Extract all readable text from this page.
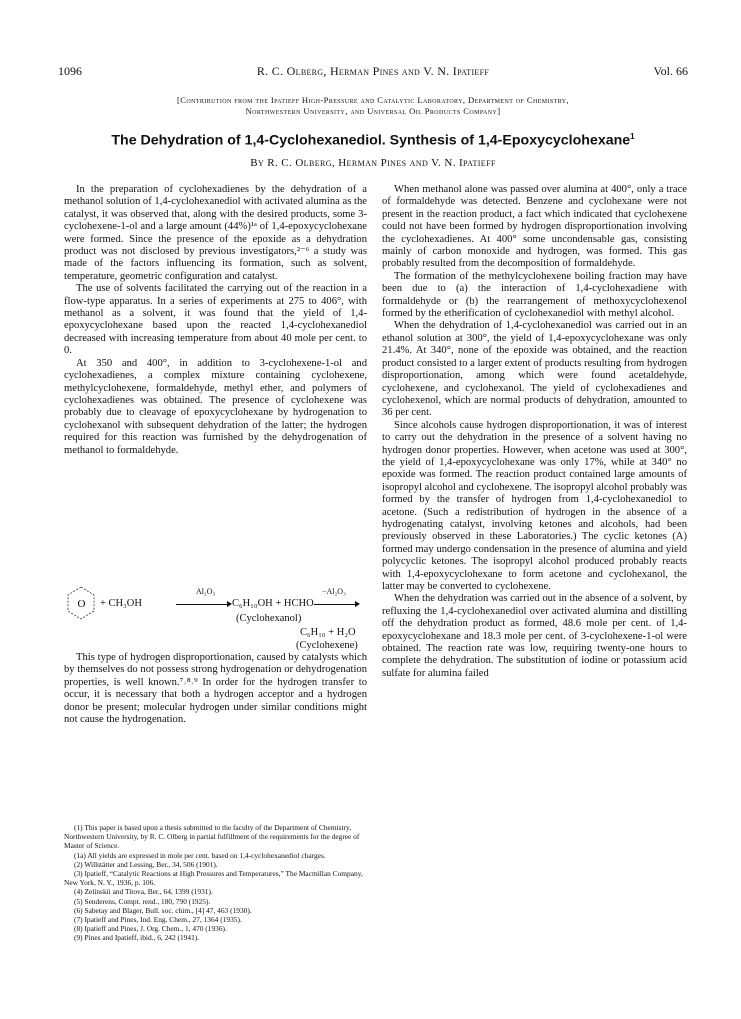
1096	R. C. Olberg, Herman Pines and V. N. Ipatieff	Vol. 66
[Contribution from the Ipatieff High-Pressure and Catalytic Laboratory, Department of Chemistry,
Northwestern University, and Universal Oil Products Company]
The Dehydration of 1,4-Cyclohexanediol. Synthesis of 1,4-Epoxycyclohexane$^1$
By R. C. Olberg, Herman Pines and V. N. Ipatieff

In the preparation of cyclohexadienes by the dehydration of a methanol solution of 1,4-cyclohexanediol with activated alumina as the catalyst, it was observed that, along with the desired products, some 3-cyclohexene-1-ol and a large amount (44%)¹ᵃ of 1,4-epoxycyclohexane were formed. Since the presence of the epoxide as a dehydration product was not disclosed by previous investigators,²⁻⁶ a study was made of the factors influencing its formation, such as solvent, temperature, geometric configuration and catalyst.

The use of solvents facilitated the carrying out of the reaction in a flow-type apparatus. In a series of experiments at 275 to 406°, with methanol as a solvent, it was found that the yield of 1,4-epoxycyclohexane based upon the reacted 1,4-cyclohexanediol decreased with increasing temperature from about 40 mole per cent. to 0.

At 350 and 400°, in addition to 3-cyclohexene-1-ol and cyclohexadienes, a complex mixture containing cyclohexene, methylcyclohexene, formaldehyde, methyl ether, and polymers of cyclohexadienes was obtained. The presence of cyclohexene was probably due to cleavage of epoxycyclohexane by hydrogenation to cyclohexanol with subsequent dehydration of the latter; the hydrogen required for this reaction was furnished by the dehydrogenation of methanol to formaldehyde.

O + CH₃OH
Al₂O₃
C₆H₁₀OH + HCHO
−Al₂O₃
(Cyclohexanol)
C₆H₁₀ + H₂O
(Cyclohexene)

This type of hydrogen disproportionation, caused by catalysts which by themselves do not possess strong hydrogenation or dehydrogenation properties, is well known.⁷˒⁸˒⁹ In order for the hydrogen transfer to occur, it is necessary that both a hydrogen acceptor and a hydrogen donor be present; molecular hydrogen under similar conditions might not cause the hydrogenation.

(1) This paper is based upon a thesis submitted to the faculty of the Department of Chemistry, Northwestern University, by R. C. Olberg in partial fulfillment of the requirements for the degree of Master of Science.
(1a) All yields are expressed in mole per cent. based on 1,4-cyclohexanediol charges.
(2) Willstätter and Lessing, Ber., 34, 506 (1901).
(3) Ipatieff, “Catalytic Reactions at High Pressures and Temperatures,” The Macmillan Company, New York, N. Y., 1936, p. 106.
(4) Zelinskii and Titova, Ber., 64, 1399 (1931).
(5) Senderens, Compt. rend., 180, 790 (1925).
(6) Sabetay and Blager, Bull. soc. chim., [4] 47, 463 (1930).
(7) Ipatieff and Pines, Ind. Eng. Chem., 27, 1364 (1935).
(8) Ipatieff and Pines, J. Org. Chem., 1, 470 (1936).
(9) Pines and Ipatieff, ibid., 6, 242 (1941).

When methanol alone was passed over alumina at 400°, only a trace of formaldehyde was detected. Benzene and cyclohexane were not present in the reaction product, a fact which indicated that cyclohexene could not have been formed by hydrogen disproportionation involving the cyclohexadienes. At 400° some uncondensable gas, consisting mainly of carbon monoxide and hydrogen, was formed. This gas probably resulted from the decomposition of formaldehyde.

The formation of the methylcyclohexene boiling fraction may have been due to (a) the interaction of 1,4-cyclohexadiene with formaldehyde or (b) the rearrangement of methoxycyclohexenol formed by the etherification of cyclohexanediol with methyl alcohol.

When the dehydration of 1,4-cyclohexanediol was carried out in an ethanol solution at 300°, the yield of 1,4-epoxycyclohexane was only 21.4%. At 340°, none of the epoxide was obtained, and the reaction product consisted to a larger extent of products resulting from hydrogen disproportionation, among which were found acetaldehyde, cyclohexene, and cyclohexanol. The yield of cyclohexadienes and cyclohexenol, which are normal products of dehydration, amounted to 36 per cent.

Since alcohols cause hydrogen disproportionation, it was of interest to carry out the dehydration in the presence of a solvent having no hydrogen donor properties. However, when acetone was used at 300°, the yield of 1,4-epoxycyclohexane was only 17%, while at 340° no epoxide was formed. The reaction product contained large amounts of isopropyl alcohol and cyclohexene. The isopropyl alcohol probably was formed by the transfer of hydrogen from 1,4-cyclohexanediol to acetone. (Such a redistribution of hydrogen in the absence of a hydrogenating catalyst, involving ketones and alcohols, had been previously observed in these Laboratories.) The cyclic ketones (A) formed may undergo condensation in the presence of alumina and yield polycyclic ketones. The isopropyl alcohol produced probably reacts with 1,4-epoxycyclohexane to form acetone and cyclohexanol, the latter may be converted to cyclohexene.

When the dehydration was carried out in the absence of a solvent, by refluxing the 1,4-cyclohexanediol over activated alumina and distilling off the dehydration product as formed, 48.6 mole per cent. of 1,4-epoxycyclohexane and 18.3 mole per cent. of 3-cyclohexene-1-ol were obtained. The reaction rate was low, requiring twenty-one hours to complete the dehydration. The substitution of iodine or potassium acid sulfate for alumina failed
